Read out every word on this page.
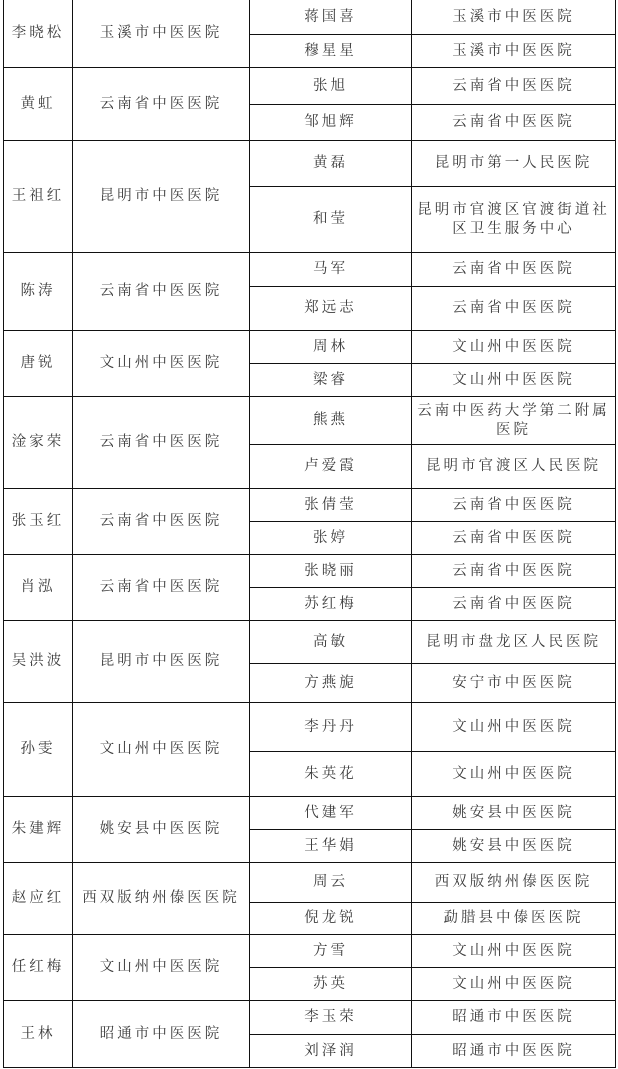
李晓松	玉溪市中医医院	蒋国喜	玉溪市中医医院
		穆星星	玉溪市中医医院
黄虹	云南省中医医院	张旭	云南省中医医院
		邹旭辉	云南省中医医院
王祖红	昆明市中医医院	黄磊	昆明市第一人民医院
		和莹	昆明市官渡区官渡街道社
区卫生服务中心
陈涛	云南省中医医院	马军	云南省中医医院
		郑远志	云南省中医医院
唐锐	文山州中医医院	周林	文山州中医医院
		梁睿	文山州中医医院
淦家荣	云南省中医医院	熊燕	云南中医药大学第二附属
医院
		卢爱霞	昆明市官渡区人民医院
张玉红	云南省中医医院	张倩莹	云南省中医医院
		张婷	云南省中医医院
肖泓	云南省中医医院	张晓丽	云南省中医医院
		苏红梅	云南省中医医院
吴洪波	昆明市中医医院	高敏	昆明市盘龙区人民医院
		方燕旎	安宁市中医医院
孙雯	文山州中医医院	李丹丹	文山州中医医院
		朱英花	文山州中医医院
朱建辉	姚安县中医医院	代建军	姚安县中医医院
		王华娟	姚安县中医医院
赵应红	西双版纳州傣医医院	周云	西双版纳州傣医医院
		倪龙锐	勐腊县中傣医医院
任红梅	文山州中医医院	方雪	文山州中医医院
		苏英	文山州中医医院
王林	昭通市中医医院	李玉荣	昭通市中医医院
		刘泽润	昭通市中医医院
